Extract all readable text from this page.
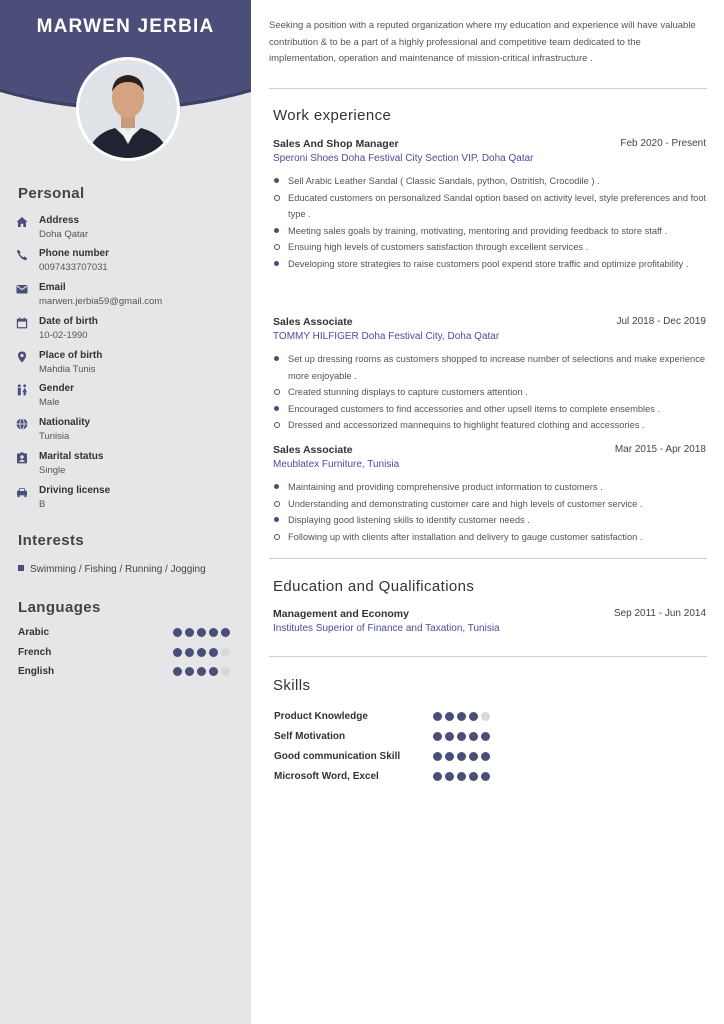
MARWEN JERBIA
Personal
Address
Doha Qatar
Phone number
0097433707031
Email
marwen.jerbia59@gmail.com
Date of birth
10-02-1990
Place of birth
Mahdia Tunis
Gender
Male
Nationality
Tunisia
Marital status
Single
Driving license
B
Interests
Swimming / Fishing / Running / Jogging
Languages
Arabic
French
English

Seeking a position with a reputed organization where my education and experience will have valuable contribution & to be a part of a highly professional and competitive team dedicated to the implementation, operation and maintenance of mission-critical infrastructure .

Work experience
Sales And Shop Manager	Feb 2020 - Present
Speroni Shoes Doha Festival City Section VIP, Doha Qatar
Sell Arabic Leather Sandal ( Classic Sandals, python, Ostritish, Crocodile ) .
Educated customers on personalized Sandal option based on activity level, style preferences and foot type .
Meeting sales goals by training, motivating, mentoring and providing feedback to store staff .
Ensuing high levels of customers satisfaction through excellent services .
Developing store strategies to raise customers pool expend store traffic and optimize profitability .
Sales Associate	Jul 2018 - Dec 2019
TOMMY HILFIGER Doha Festival City, Doha Qatar
Set up dressing rooms as customers shopped to increase number of selections and make experience more enjoyable .
Created stunning displays to capture customers attention .
Encouraged customers to find accessories and other upsell items to complete ensembles .
Dressed and accessorized mannequins to highlight featured clothing and accessories .
Sales Associate	Mar 2015 - Apr 2018
Meublatex Furniture, Tunisia
Maintaining and providing comprehensive product information to customers .
Understanding and demonstrating customer care and high levels of customer service .
Displaying good listening skills to identify customer needs .
Following up with clients after installation and delivery to gauge customer satisfaction .
Education and Qualifications
Management and Economy	Sep 2011 - Jun 2014
Institutes Superior of Finance and Taxation, Tunisia
Skills
Product Knowledge
Self Motivation
Good communication Skill
Microsoft Word, Excel
